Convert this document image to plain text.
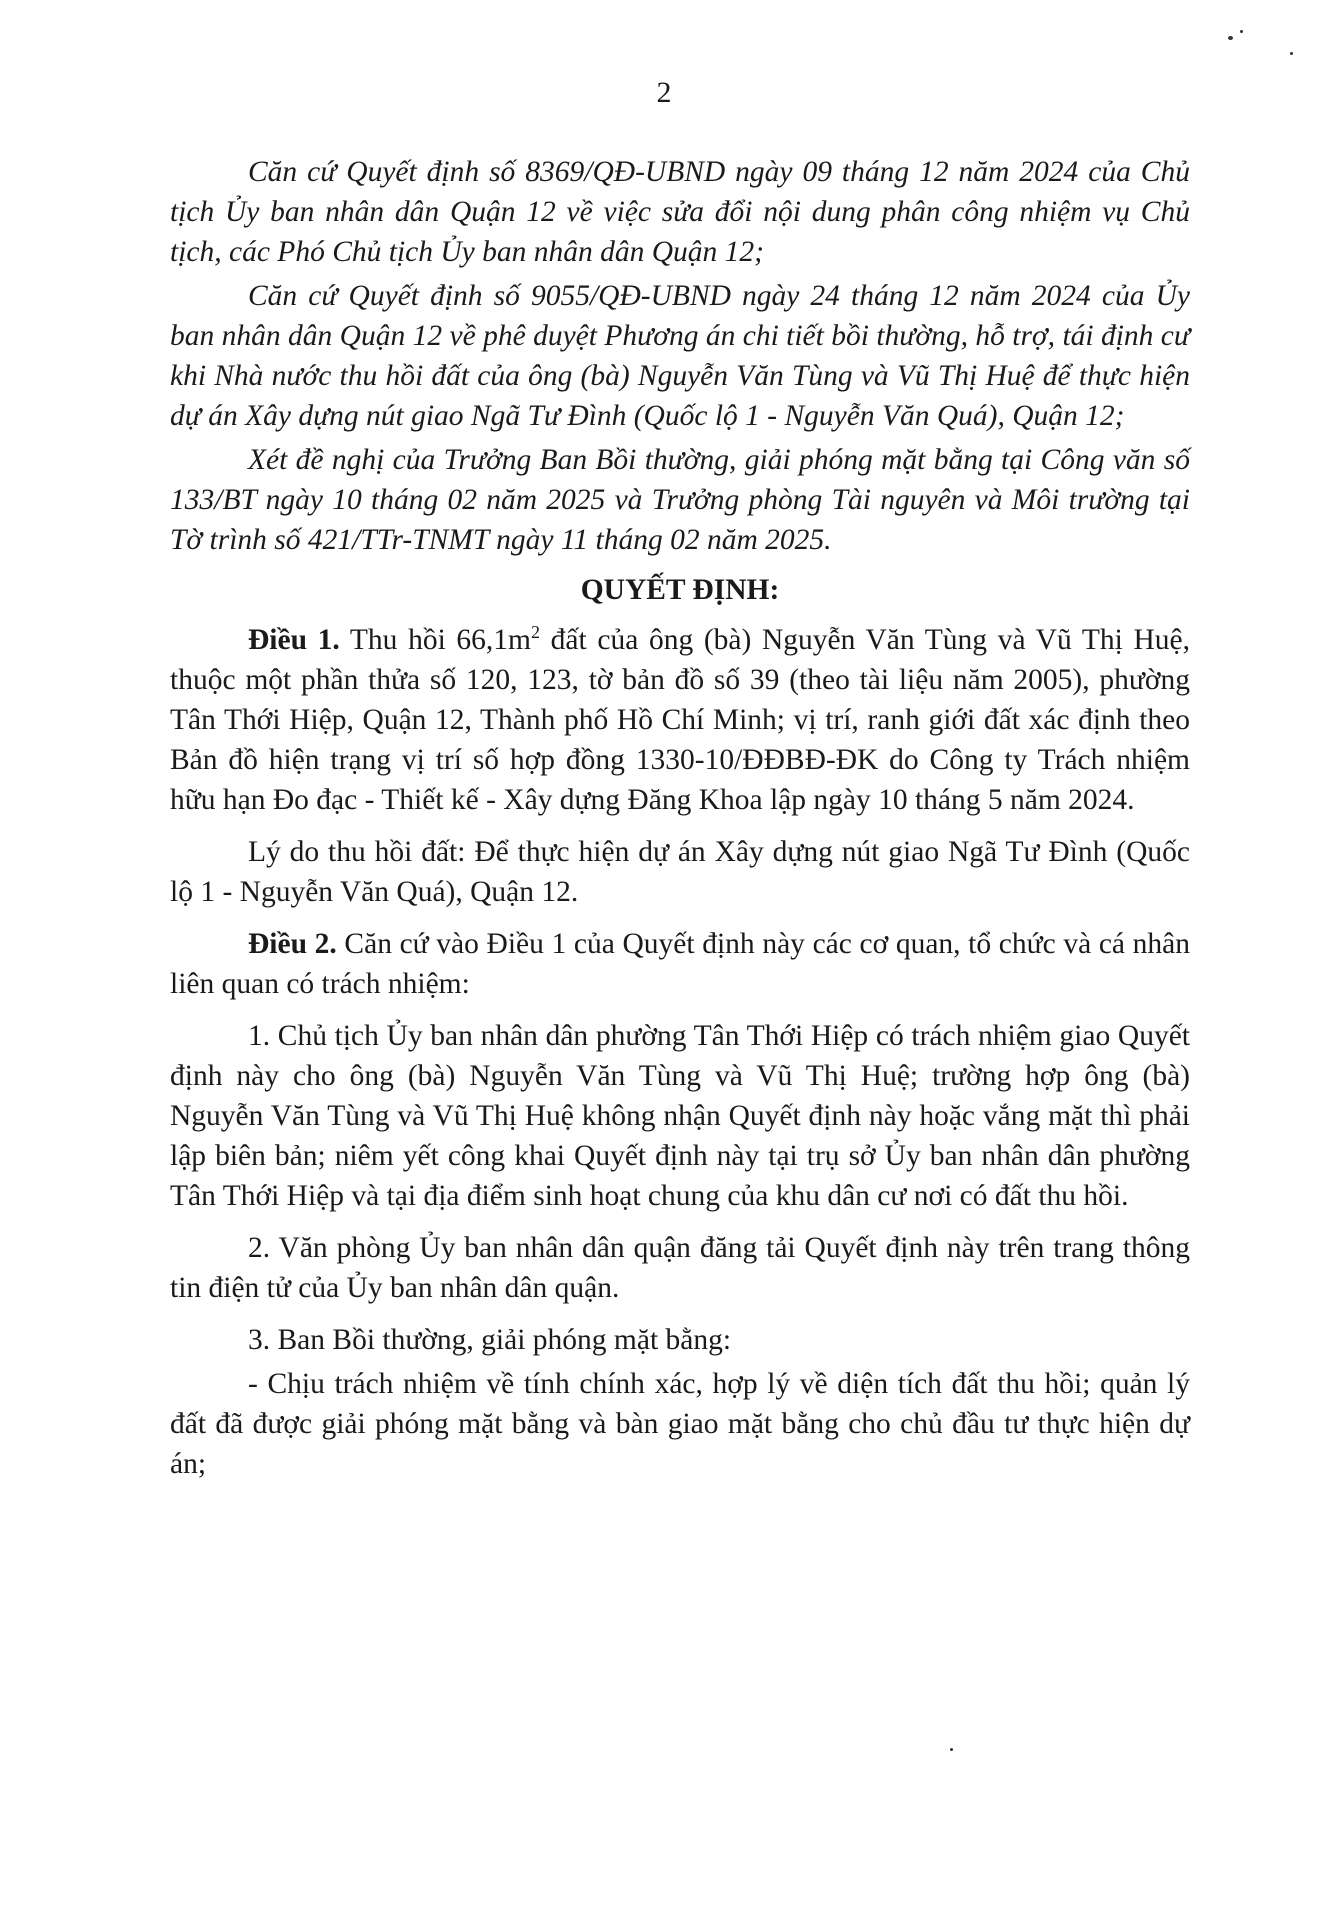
2

Căn cứ Quyết định số 8369/QĐ-UBND ngày 09 tháng 12 năm 2024 của Chủ tịch Ủy ban nhân dân Quận 12 về việc sửa đổi nội dung phân công nhiệm vụ Chủ tịch, các Phó Chủ tịch Ủy ban nhân dân Quận 12;

Căn cứ Quyết định số 9055/QĐ-UBND ngày 24 tháng 12 năm 2024 của Ủy ban nhân dân Quận 12 về phê duyệt Phương án chi tiết bồi thường, hỗ trợ, tái định cư khi Nhà nước thu hồi đất của ông (bà) Nguyễn Văn Tùng và Vũ Thị Huệ để thực hiện dự án Xây dựng nút giao Ngã Tư Đình (Quốc lộ 1 - Nguyễn Văn Quá), Quận 12;

Xét đề nghị của Trưởng Ban Bồi thường, giải phóng mặt bằng tại Công văn số 133/BT ngày 10 tháng 02 năm 2025 và Trưởng phòng Tài nguyên và Môi trường tại Tờ trình số 421/TTr-TNMT ngày 11 tháng 02 năm 2025.

QUYẾT ĐỊNH:

Điều 1. Thu hồi $66,1m^2$ đất của ông (bà) Nguyễn Văn Tùng và Vũ Thị Huệ, thuộc một phần thửa số 120, 123, tờ bản đồ số 39 (theo tài liệu năm 2005), phường Tân Thới Hiệp, Quận 12, Thành phố Hồ Chí Minh; vị trí, ranh giới đất xác định theo Bản đồ hiện trạng vị trí số hợp đồng 1330-10/ĐĐBĐ-ĐK do Công ty Trách nhiệm hữu hạn Đo đạc - Thiết kế - Xây dựng Đăng Khoa lập ngày 10 tháng 5 năm 2024.

Lý do thu hồi đất: Để thực hiện dự án Xây dựng nút giao Ngã Tư Đình (Quốc lộ 1 - Nguyễn Văn Quá), Quận 12.

Điều 2. Căn cứ vào Điều 1 của Quyết định này các cơ quan, tổ chức và cá nhân liên quan có trách nhiệm:

1. Chủ tịch Ủy ban nhân dân phường Tân Thới Hiệp có trách nhiệm giao Quyết định này cho ông (bà) Nguyễn Văn Tùng và Vũ Thị Huệ; trường hợp ông (bà) Nguyễn Văn Tùng và Vũ Thị Huệ không nhận Quyết định này hoặc vắng mặt thì phải lập biên bản; niêm yết công khai Quyết định này tại trụ sở Ủy ban nhân dân phường Tân Thới Hiệp và tại địa điểm sinh hoạt chung của khu dân cư nơi có đất thu hồi.

2. Văn phòng Ủy ban nhân dân quận đăng tải Quyết định này trên trang thông tin điện tử của Ủy ban nhân dân quận.

3. Ban Bồi thường, giải phóng mặt bằng:

- Chịu trách nhiệm về tính chính xác, hợp lý về diện tích đất thu hồi; quản lý đất đã được giải phóng mặt bằng và bàn giao mặt bằng cho chủ đầu tư thực hiện dự án;
